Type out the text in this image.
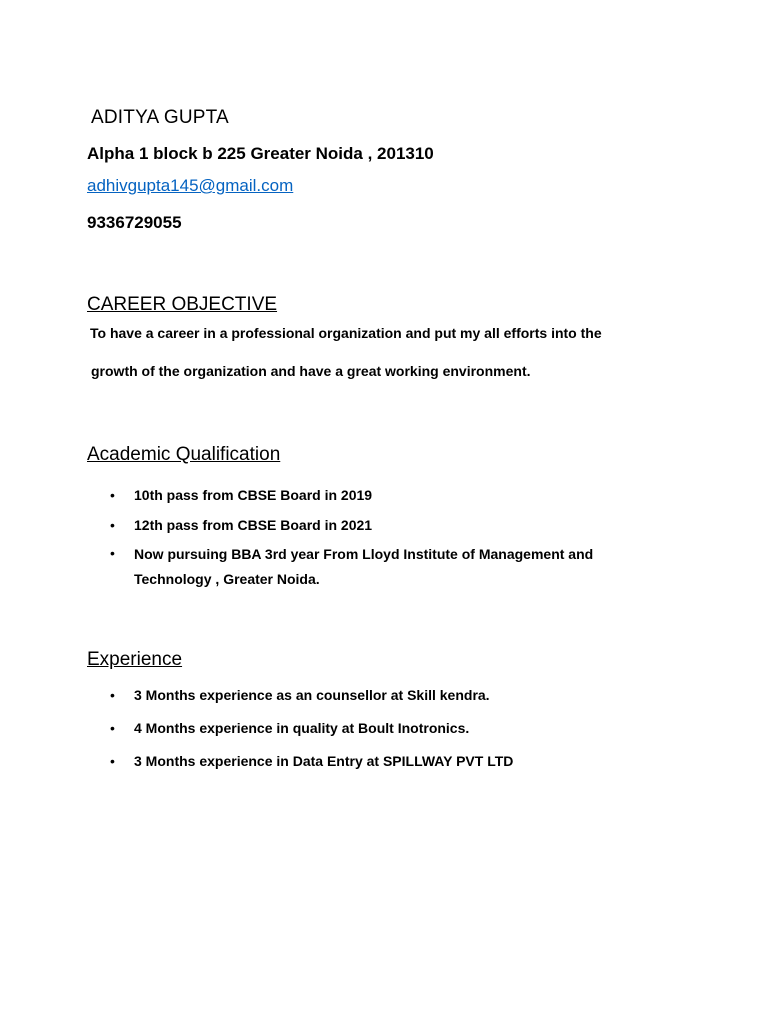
ADITYA GUPTA
Alpha 1 block b 225 Greater Noida , 201310
adhivgupta145@gmail.com
9336729055
CAREER OBJECTIVE
To have a career in a professional organization and put my all efforts into the
growth of the organization and have a great working environment.
Academic Qualification
• 10th pass from CBSE Board in 2019
• 12th pass from CBSE Board in 2021
• Now pursuing BBA 3rd year From Lloyd Institute of Management and Technology , Greater Noida.
Experience
• 3 Months experience as an counsellor at Skill kendra.
• 4 Months experience in quality at Boult Inotronics.
• 3 Months experience in Data Entry at SPILLWAY PVT LTD
